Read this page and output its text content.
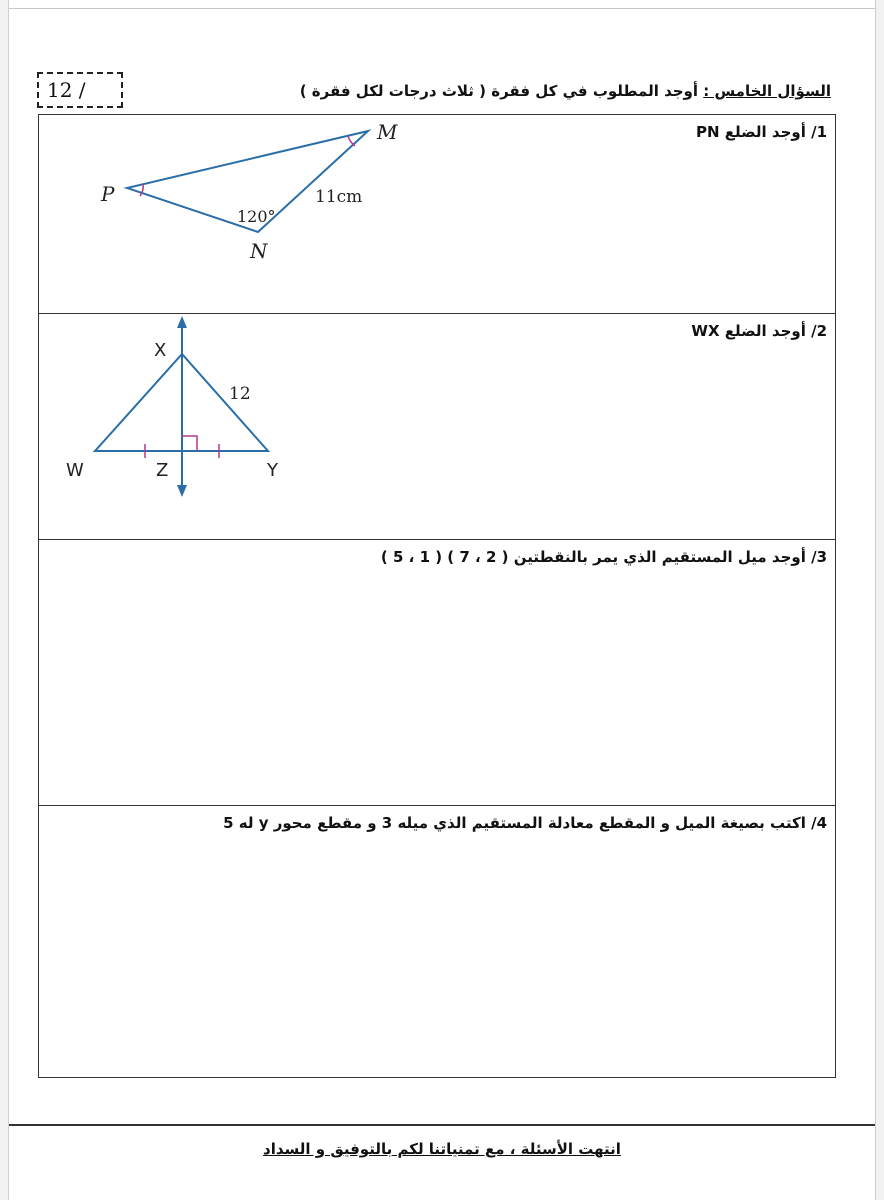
12 /	السؤال الخامس : أوجد المطلوب في كل فقرة ( ثلاث درجات لكل فقرة )
1/ أوجد الضلع PN
P
M
N
120°
11cm
2/ أوجد الضلع WX
X
12
W	Z	Y
3/ أوجد ميل المستقيم الذي يمر بالنقطتين ( 2 ، 7 ) ( 1 ، 5 )
4/ اكتب بصيغة الميل و المقطع معادلة المستقيم الذي ميله 3 و مقطع محور y له 5
انتهت الأسئلة ، مع تمنياتنا لكم بالتوفيق و السداد
